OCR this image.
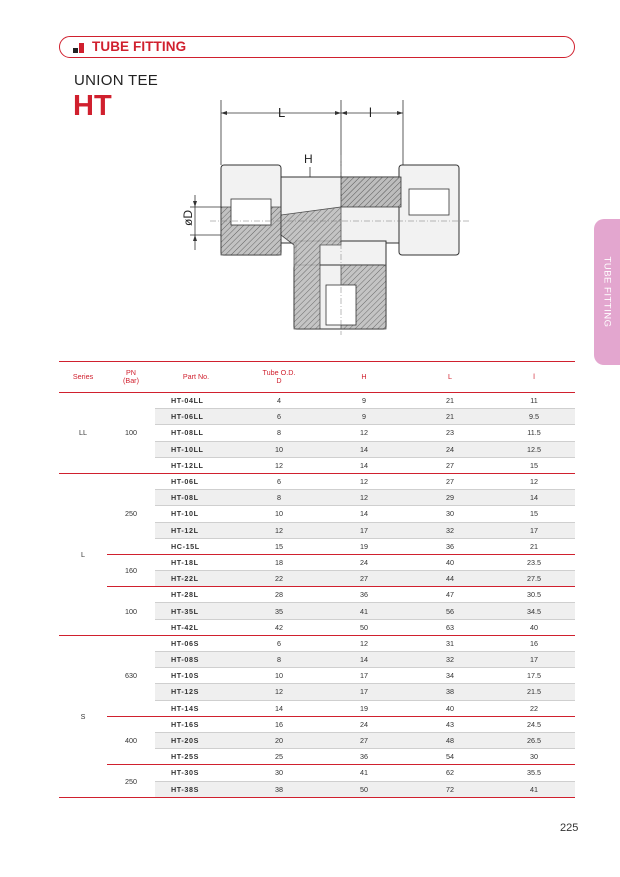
TUBE FITTING
UNION TEE
HT
TUBE FITTING
L	l
H
øD
Series	PN
(Bar)	Part No.	Tube O.D.
D	H	L	l
LL	100	HT-04LL	4	9	21	11
		HT-06LL	6	9	21	9.5
		HT-08LL	8	12	23	11.5
		HT-10LL	10	14	24	12.5
		HT-12LL	12	14	27	15
L	250	HT-06L	6	12	27	12
		HT-08L	8	12	29	14
		HT-10L	10	14	30	15
		HT-12L	12	17	32	17
		HC-15L	15	19	36	21
	160	HT-18L	18	24	40	23.5
		HT-22L	22	27	44	27.5
	100	HT-28L	28	36	47	30.5
		HT-35L	35	41	56	34.5
		HT-42L	42	50	63	40
S	630	HT-06S	6	12	31	16
		HT-08S	8	14	32	17
		HT-10S	10	17	34	17.5
		HT-12S	12	17	38	21.5
		HT-14S	14	19	40	22
	400	HT-16S	16	24	43	24.5
		HT-20S	20	27	48	26.5
		HT-25S	25	36	54	30
	250	HT-30S	30	41	62	35.5
		HT-38S	38	50	72	41
225
